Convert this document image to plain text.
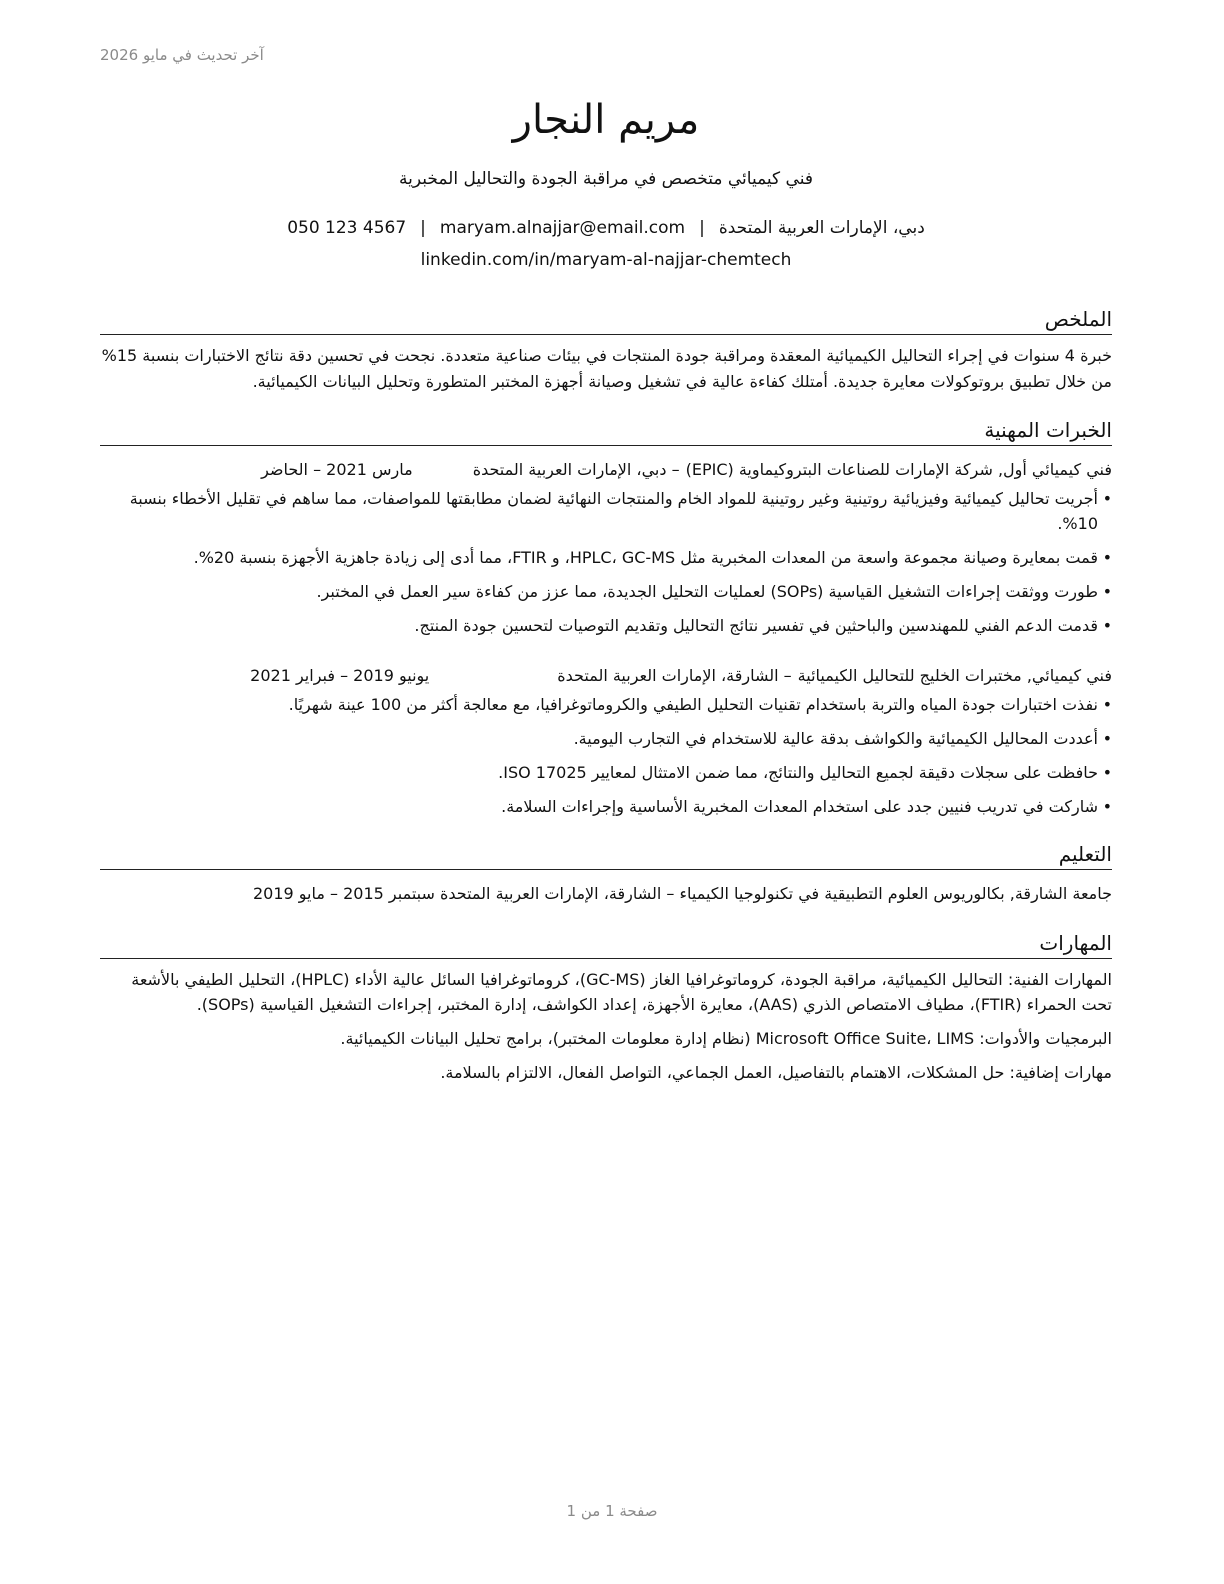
آخر تحديث في مايو 2026
مريم النجار
فني كيميائي متخصص في مراقبة الجودة والتحاليل المخبرية
050 123 4567 | maryam.alnajjar@email.com | دبي، الإمارات العربية المتحدة
linkedin.com/in/maryam-al-najjar-chemtech
الملخص
خبرة 4 سنوات في إجراء التحاليل الكيميائية المعقدة ومراقبة جودة المنتجات في بيئات صناعية متعددة. نجحت في تحسين دقة نتائج الاختبارات بنسبة 15% من خلال تطبيق بروتوكولات معايرة جديدة. أمتلك كفاءة عالية في تشغيل وصيانة أجهزة المختبر المتطورة وتحليل البيانات الكيميائية.
الخبرات المهنية
فني كيميائي أول, شركة الإمارات للصناعات البتروكيماوية (EPIC)
– دبي، الإمارات العربية المتحدة
مارس 2021 – الحاضر
• أجريت تحاليل كيميائية وفيزيائية روتينية وغير روتينية للمواد الخام والمنتجات النهائية لضمان مطابقتها للمواصفات، مما ساهم في تقليل الأخطاء بنسبة 10%.
• قمت بمعايرة وصيانة مجموعة واسعة من المعدات المخبرية مثل HPLC، GC-MS، و FTIR، مما أدى إلى زيادة جاهزية الأجهزة بنسبة 20%.
• طورت ووثقت إجراءات التشغيل القياسية (SOPs) لعمليات التحليل الجديدة، مما عزز من كفاءة سير العمل في المختبر.
• قدمت الدعم الفني للمهندسين والباحثين في تفسير نتائج التحاليل وتقديم التوصيات لتحسين جودة المنتج.
فني كيميائي, مختبرات الخليج للتحاليل الكيميائية
– الشارقة، الإمارات العربية المتحدة
يونيو 2019 – فبراير 2021
• نفذت اختبارات جودة المياه والتربة باستخدام تقنيات التحليل الطيفي والكروماتوغرافيا، مع معالجة أكثر من 100 عينة شهريًا.
• أعددت المحاليل الكيميائية والكواشف بدقة عالية للاستخدام في التجارب اليومية.
• حافظت على سجلات دقيقة لجميع التحاليل والنتائج، مما ضمن الامتثال لمعايير ISO 17025.
• شاركت في تدريب فنيين جدد على استخدام المعدات المخبرية الأساسية وإجراءات السلامة.
التعليم
جامعة الشارقة, بكالوريوس العلوم التطبيقية في تكنولوجيا الكيمياء – الشارقة، الإمارات العربية المتحدة سبتمبر 2015 – مايو 2019
المهارات
المهارات الفنية: التحاليل الكيميائية، مراقبة الجودة، كروماتوغرافيا الغاز (GC-MS)، كروماتوغرافيا السائل عالية الأداء (HPLC)، التحليل الطيفي بالأشعة تحت الحمراء (FTIR)، مطياف الامتصاص الذري (AAS)، معايرة الأجهزة، إعداد الكواشف، إدارة المختبر، إجراءات التشغيل القياسية (SOPs).
البرمجيات والأدوات: Microsoft Office Suite، LIMS (نظام إدارة معلومات المختبر)، برامج تحليل البيانات الكيميائية.
مهارات إضافية: حل المشكلات، الاهتمام بالتفاصيل، العمل الجماعي، التواصل الفعال، الالتزام بالسلامة.
صفحة 1 من 1
